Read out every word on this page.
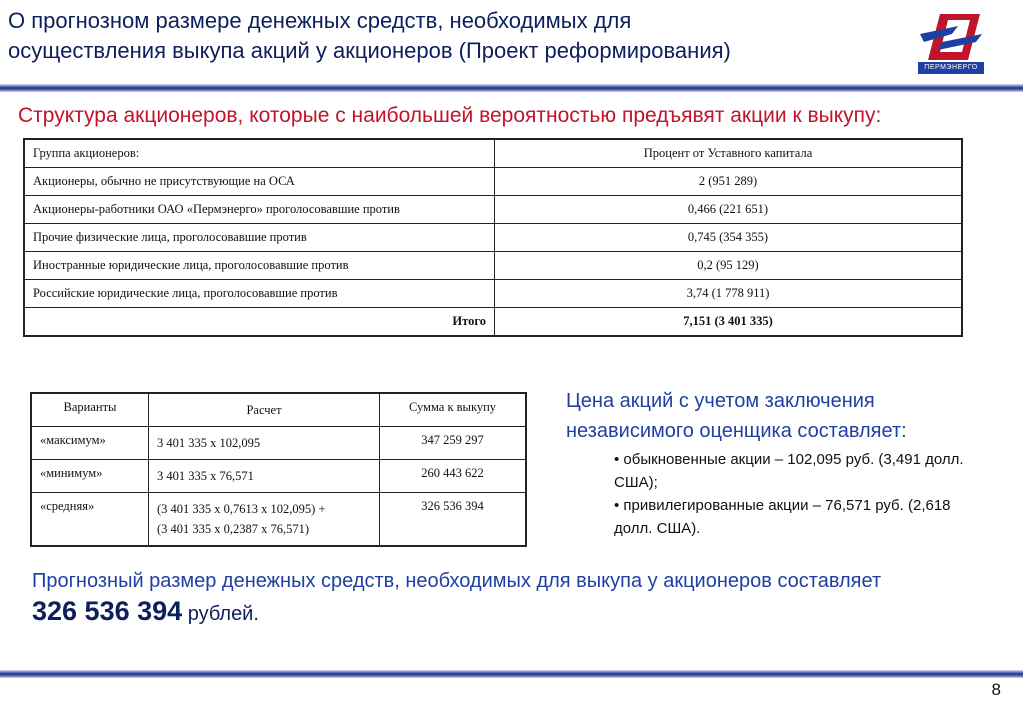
О прогнозном размере денежных средств, необходимых для
осуществления выкупа акций у акционеров (Проект реформирования)
ПЕРМЭНЕРГО
Структура акционеров, которые с наибольшей вероятностью предъявят акции к выкупу:
Группа акционеров:	Процент от Уставного капитала
Акционеры, обычно не присутствующие на ОСА	2 (951 289)
Акционеры-работники ОАО «Пермэнерго» проголосовавшие против	0,466 (221 651)
Прочие физические лица, проголосовавшие против	0,745 (354 355)
Иностранные юридические лица, проголосовавшие против	0,2 (95 129)
Российские юридические лица, проголосовавшие против	3,74 (1 778 911)
Итого	7,151 (3 401 335)
Варианты	Расчет	Сумма к выкупу
«максимум»	3 401 335 х 102,095	347 259 297
«минимум»	3 401 335 х 76,571	260 443 622
«средняя»	(3 401 335 х 0,7613 х 102,095) +
(3 401 335 х 0,2387 х 76,571)	326 536 394
Цена акций с учетом заключения
независимого оценщика составляет:
• обыкновенные акции – 102,095 руб. (3,491 долл. США);
• привилегированные акции – 76,571 руб. (2,618 долл. США).
Прогнозный размер денежных средств, необходимых для выкупа у акционеров составляет
326 536 394 рублей.
8
